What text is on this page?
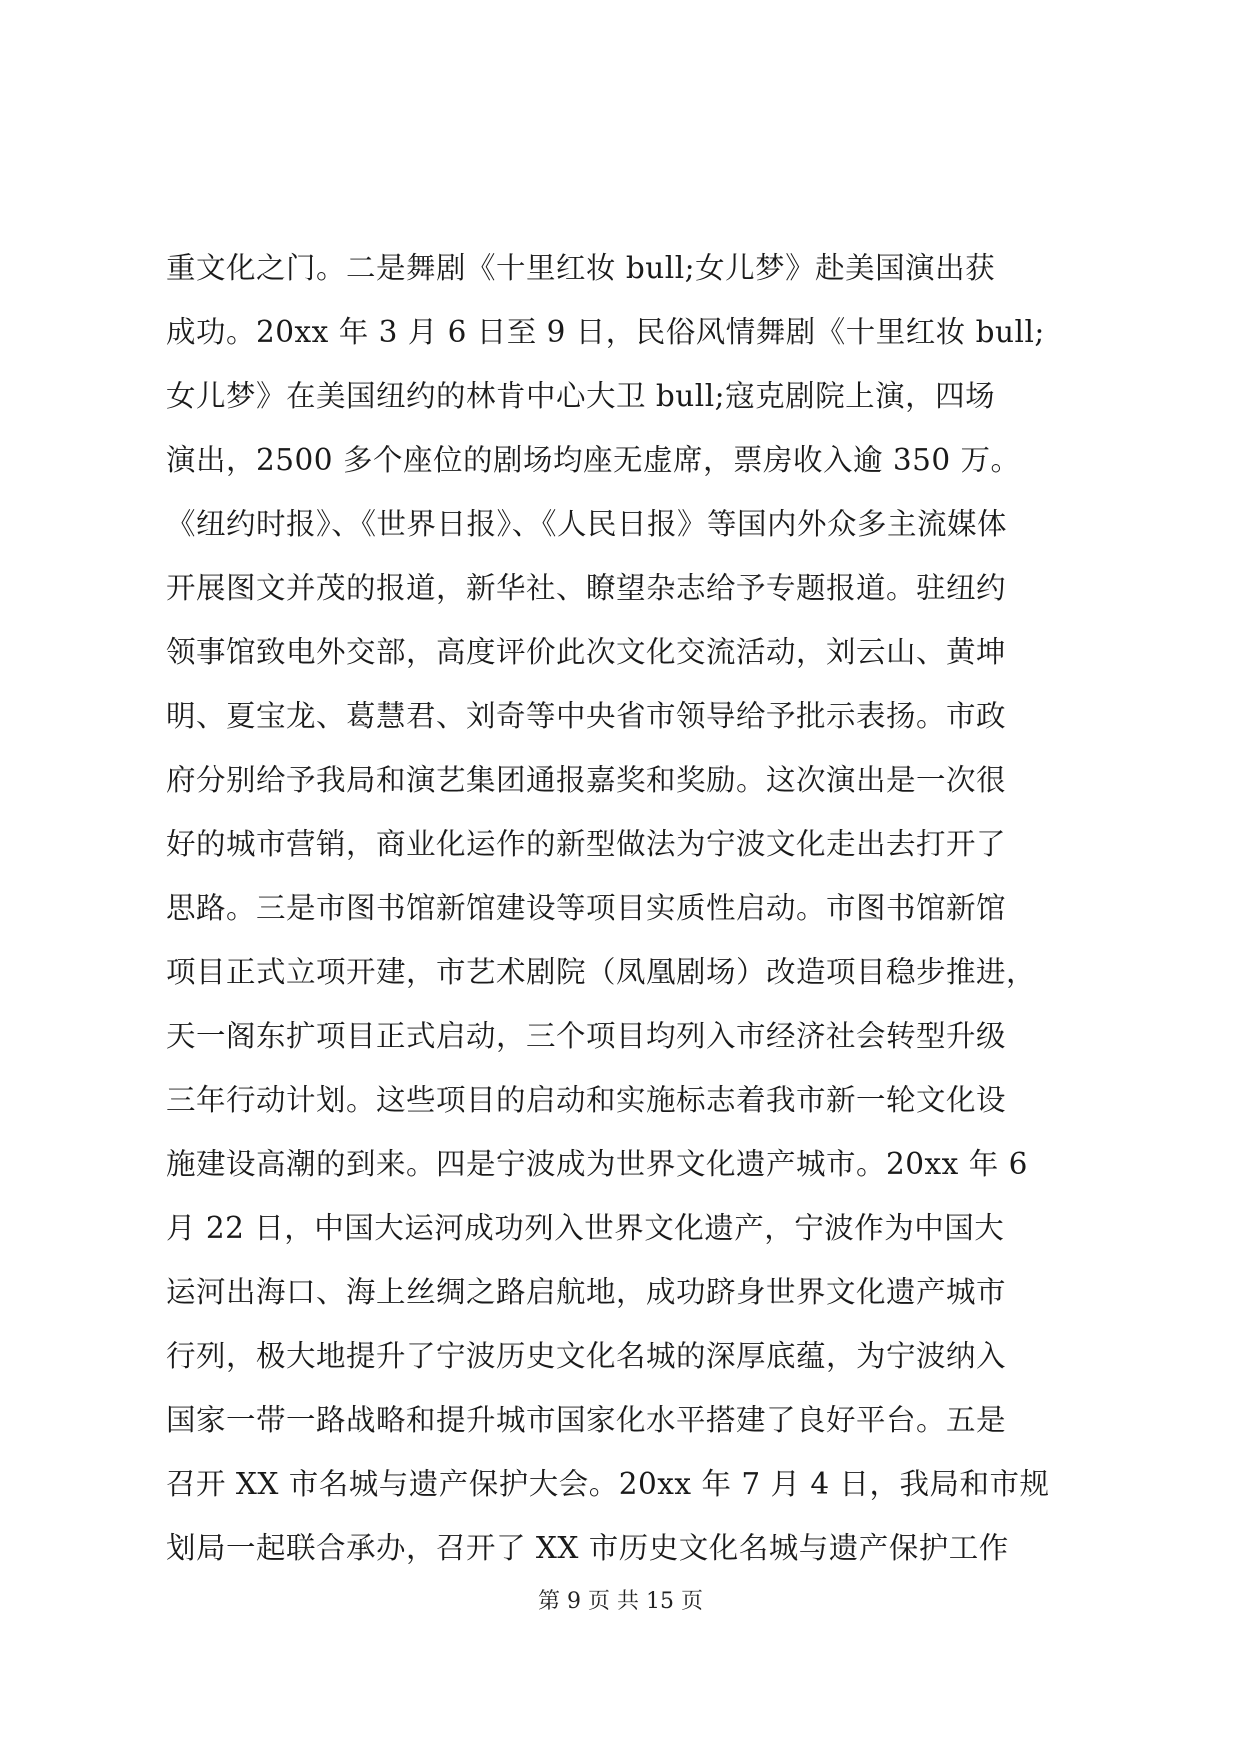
重文化之门。二是舞剧《十里红妆 bull;女儿梦》赴美国演出获
成功。20xx 年 3 月 6 日至 9 日，民俗风情舞剧《十里红妆 bull;
女儿梦》在美国纽约的林肯中心大卫 bull;寇克剧院上演，四场
演出，2500 多个座位的剧场均座无虚席，票房收入逾 350 万。
《纽约时报》、《世界日报》、《人民日报》等国内外众多主流媒体
开展图文并茂的报道，新华社、瞭望杂志给予专题报道。驻纽约
领事馆致电外交部，高度评价此次文化交流活动，刘云山、黄坤
明、夏宝龙、葛慧君、刘奇等中央省市领导给予批示表扬。市政
府分别给予我局和演艺集团通报嘉奖和奖励。这次演出是一次很
好的城市营销，商业化运作的新型做法为宁波文化走出去打开了
思路。三是市图书馆新馆建设等项目实质性启动。市图书馆新馆
项目正式立项开建，市艺术剧院（凤凰剧场）改造项目稳步推进，
天一阁东扩项目正式启动，三个项目均列入市经济社会转型升级
三年行动计划。这些项目的启动和实施标志着我市新一轮文化设
施建设高潮的到来。四是宁波成为世界文化遗产城市。20xx 年 6
月 22 日，中国大运河成功列入世界文化遗产，宁波作为中国大
运河出海口、海上丝绸之路启航地，成功跻身世界文化遗产城市
行列，极大地提升了宁波历史文化名城的深厚底蕴，为宁波纳入
国家一带一路战略和提升城市国家化水平搭建了良好平台。五是
召开 XX 市名城与遗产保护大会。20xx 年 7 月 4 日，我局和市规
划局一起联合承办，召开了 XX 市历史文化名城与遗产保护工作
第 9 页 共 15 页
